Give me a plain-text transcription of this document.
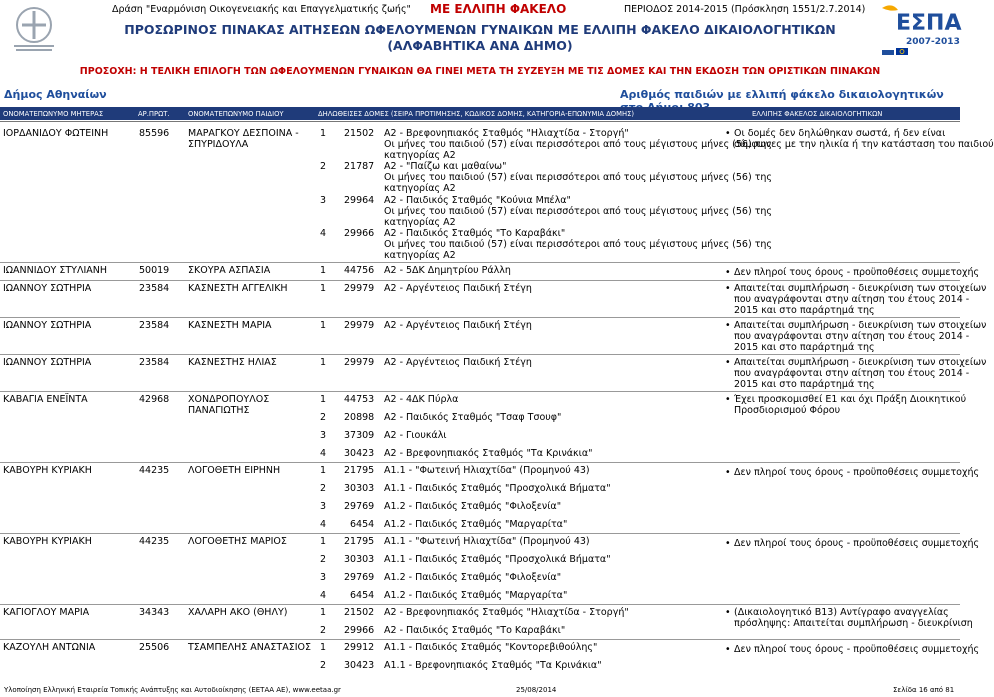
Δράση "Εναρμόνιση Οικογενειακής και Επαγγελματικής ζωής" ΜΕ ΕΛΛΙΠΗ ΦΑΚΕΛΟ	ΠΕΡΙΟΔΟΣ 2014-2015 (Πρόσκληση 1551/2.7.2014)
ΕΣΠΑ
2007-2013
ΠΡΟΣΩΡΙΝΟΣ ΠΙΝΑΚΑΣ ΑΙΤΗΣΕΩΝ ΩΦΕΛΟΥΜΕΝΩΝ ΓΥΝΑΙΚΩΝ ΜΕ ΕΛΛΙΠΗ ΦΑΚΕΛΟ ΔΙΚΑΙΟΛΟΓΗΤΙΚΩΝ
(ΑΛΦΑΒΗΤΙΚΑ ΑΝΑ ΔΗΜΟ)
ΠΡΟΣΟΧΗ: Η ΤΕΛΙΚΗ ΕΠΙΛΟΓΗ ΤΩΝ ΩΦΕΛΟΥΜΕΝΩΝ ΓΥΝΑΙΚΩΝ ΘΑ ΓΙΝΕΙ ΜΕΤΑ ΤΗ ΣΥΖΕΥΞΗ ΜΕ ΤΙΣ ΔΟΜΕΣ ΚΑΙ ΤΗΝ ΕΚΔΟΣΗ ΤΩΝ ΟΡΙΣΤΙΚΩΝ ΠΙΝΑΚΩΝ
Δήμος Αθηναίων	Αριθμός παιδιών με ελλιπή φάκελο δικαιολογητικών
ΟΝΟΜΑΤΕΠΩΝΥΜΟ ΜΗΤΕΡΑΣ	ΑΡ.ΠΡΩΤ.	ΟΝΟΜΑΤΕΠΩΝΥΜΟ ΠΑΙΔΙΟΥ	ΔΗΛΩΘΕΙΣΕΣ ΔΟΜΕΣ (ΣΕΙΡΑ ΠΡΟΤΙΜΗΣΗΣ, ΚΩΔΙΚΟΣ ΔΟΜΗΣ, ΚΑΤΗΓΟΡΙΑ-ΕΠΩΝΥΜΙΑ ΔΟΜΗΣ)	ΕΛΛΙΠΗΣ ΦΑΚΕΛΟΣ ΔΙΚΑΙΟΛΟΓΗΤΙΚΩΝ
ΙΟΡΔΑΝΙΔΟΥ ΦΩΤΕΙΝΗ	85596 ΜΑΡΑΓΚΟΥ ΔΕΣΠΟΙΝΑ -
ΣΠΥΡΙΔΟΥΛΑ
1 21502 Α2 - Βρεφονηπιακός Σταθμός "Ηλιαχτίδα - Στοργή"
Οι μήνες του παιδιού (57) είναι περισσότεροι από τους μέγιστους μήνες (56) της
κατηγορίας Α2
2 21787 Α2 - "Παίζω και μαθαίνω"
Οι μήνες του παιδιού (57) είναι περισσότεροι από τους μέγιστους μήνες (56) της
κατηγορίας Α2
3 29964 Α2 - Παιδικός Σταθμός "Κούνια Μπέλα"
Οι μήνες του παιδιού (57) είναι περισσότεροι από τους μέγιστους μήνες (56) της
κατηγορίας Α2
4 29966 Α2 - Παιδικός Σταθμός "Το Καραβάκι"
Οι μήνες του παιδιού (57) είναι περισσότεροι από τους μέγιστους μήνες (56) της
κατηγορίας Α2
• Οι δομές δεν δηλώθηκαν σωστά, ή δεν είναι
σύμφωνες με την ηλικία ή την κατάσταση του παιδιού
ΙΩΑΝΝΙΔΟΥ ΣΤΥΛΙΑΝΗ	50019 ΣΚΟΥΡΑ ΑΣΠΑΣΙΑ	1 44756 Α2 - 5ΔΚ Δημητρίου Ράλλη	• Δεν πληροί τους όρους - προϋποθέσεις συμμετοχής
ΙΩΑΝΝΟΥ ΣΩΤΗΡΙΑ	23584 ΚΑΣΝΕΣΤΗ ΑΓΓΕΛΙΚΗ	1 29979 Α2 - Αργέντειος Παιδική Στέγη	• Απαιτείται συμπλήρωση - διευκρίνιση των στοιχείων
που αναγράφονται στην αίτηση του έτους 2014 -
2015 και στο παράρτημά της
ΙΩΑΝΝΟΥ ΣΩΤΗΡΙΑ	23584 ΚΑΣΝΕΣΤΗ ΜΑΡΙΑ	1 29979 Α2 - Αργέντειος Παιδική Στέγη	• Απαιτείται συμπλήρωση - διευκρίνιση των στοιχείων
που αναγράφονται στην αίτηση του έτους 2014 -
2015 και στο παράρτημά της
ΙΩΑΝΝΟΥ ΣΩΤΗΡΙΑ	23584 ΚΑΣΝΕΣΤΗΣ ΗΛΙΑΣ	1 29979 Α2 - Αργέντειος Παιδική Στέγη	• Απαιτείται συμπλήρωση - διευκρίνιση των στοιχείων
που αναγράφονται στην αίτηση του έτους 2014 -
2015 και στο παράρτημά της
ΚΑΒΑΓΙΑ ΕΝΕΪΝΤΑ	42968 ΧΟΝΔΡΟΠΟΥΛΟΣ
ΠΑΝΑΓΙΩΤΗΣ
1 44753 Α2 - 4ΔΚ Πύρλα
2 20898 Α2 - Παιδικός Σταθμός "Τσαφ Τσουφ"
3 37309 Α2 - Γιουκάλι
4 30423 Α2 - Βρεφονηπιακός Σταθμός "Τα Κρινάκια"
• Έχει προσκομισθεί Ε1 και όχι Πράξη Διοικητικού
Προσδιορισμού Φόρου
ΚΑΒΟΥΡΗ ΚΥΡΙΑΚΗ	44235 ΛΟΓΟΘΕΤΗ ΕΙΡΗΝΗ	1 21795 Α1.1 - "Φωτεινή Ηλιαχτίδα" (Προμηνού 43)
2 30303 Α1.1 - Παιδικός Σταθμός "Προσχολικά Βήματα"
3 29769 Α1.2 - Παιδικός Σταθμός "Φιλοξενία"
4	6454 Α1.2 - Παιδικός Σταθμός "Μαργαρίτα"
• Δεν πληροί τους όρους - προϋποθέσεις συμμετοχής
ΚΑΒΟΥΡΗ ΚΥΡΙΑΚΗ	44235 ΛΟΓΟΘΕΤΗΣ ΜΑΡΙΟΣ	1 21795 Α1.1 - "Φωτεινή Ηλιαχτίδα" (Προμηνού 43)
2 30303 Α1.1 - Παιδικός Σταθμός "Προσχολικά Βήματα"
3 29769 Α1.2 - Παιδικός Σταθμός "Φιλοξενία"
4	6454 Α1.2 - Παιδικός Σταθμός "Μαργαρίτα"
• Δεν πληροί τους όρους - προϋποθέσεις συμμετοχής
ΚΑΓΙΟΓΛΟΥ ΜΑΡΙΑ	34343 ΧΑΛΑΡΗ ΑΚΟ (ΘΗΛΥ)	1 21502 Α2 - Βρεφονηπιακός Σταθμός "Ηλιαχτίδα - Στοργή"
2 29966 Α2 - Παιδικός Σταθμός "Το Καραβάκι"
• (Δικαιολογητικό Β13) Αντίγραφο αναγγελίας
πρόσληψης: Απαιτείται συμπλήρωση - διευκρίνιση
ΚΑΖΟΥΛΗ ΑΝΤΩΝΙΑ	25506 ΤΣΑΜΠΕΛΗΣ ΑΝΑΣΤΑΣΙΟΣ 1 29912 Α1.1 - Παιδικός Σταθμός "Κοντορεβιθούλης"
2 30423 Α1.1 - Βρεφονηπιακός Σταθμός "Τα Κρινάκια"
• Δεν πληροί τους όρους - προϋποθέσεις συμμετοχής
Υλοποίηση Ελληνική Εταιρεία Τοπικής Ανάπτυξης και Αυτοδιοίκησης (ΕΕΤΑΑ ΑΕ), www.eetaa.gr	25/08/2014	Σελίδα 16 από 81
